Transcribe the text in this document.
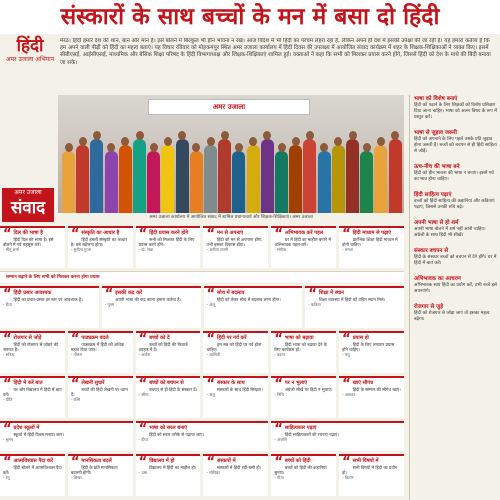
संस्कारों के साथ बच्चों के मन में बसा दो हिंदी
हिंदी
अमर उजाला अभियान
मेरठ। हिंदी हमारे देश की शान, बान और मान है। इसे बोलने में बिल्कुल भी हीन भावना न रखें। आज विदेश में भी हिंदी का परचम लहरा रहा है, लेकिन अपने ही देश में इसकी उपेक्षा की जा रही है। यह हमारा कर्तव्य है कि हम अपने वाली पीढ़ी को हिंदी का महत्व बताएं। यह विचार रविवार को मोहकमपुर स्थित अमर उजाला कार्यालय में हिंदी दिवस की उपलक्ष्य में आयोजित संवाद कार्यक्रम में शहर के शिक्षक-शिक्षिकाओं ने व्यक्त किए। इसमें सीबीएसई, आईसीएसई, माध्यमिक और बेसिक शिक्षा परिषद के हिंदी विभागाध्यक्ष और शिक्षक-शिक्षिकाएं शामिल हुई। वक्ताओं ने कहा कि सभी को मिलकर प्रयास करने होंगे, जिससे हिंदी को देश के माथे की बिंदी बनाया जा सके।
अमर उजाला
अमर उजाला कार्यालय में आयोजित संवाद में शामिल प्रधानाचार्य और शिक्षक-शिक्षिकाएं। अमर उजाला
अमर उजाला
संवाद
भाषा को विशेष बनाएं
हिंदी को पढ़ाने के लिए शिक्षकों को विशेष प्रशिक्षण दिया जाना चाहिए। भाषा को अलग विषय के रूप में प्रस्तुत करें।
भाषा से जुड़ाव जरूरी
हिंदी को अपनाने के लिए पहले उसके प्रति जुड़ाव होना जरूरी है। बच्चों को बचपन से ही हिंदी साहित्य से जोड़ें।
ऊंच-नीच की भाषा बने
हिंदी को हीन भावना की भाषा न बनाएं। इसमें गर्व का भाव होना चाहिए।
हिंदी साहित्य पढ़ाएं
बच्चों को हिंदी साहित्य की कहानियां और कविताएं पढ़ाएं, जिससे उनकी रुचि बढ़े।
अपनी भाषा से हो शर्म
अपनी भाषा बोलने में शर्म नहीं आनी चाहिए। अंग्रेजी के साथ हिंदी भी सीखें।
संस्कार बचपन से
हिंदी के संस्कार बच्चों को बचपन से देने होंगे। घर में हिंदी में बात करें।
अभिभावक का आचरण
अभिभावक स्वयं हिंदी का प्रयोग करें, तभी बच्चे इसे अपनाएंगे।
रोजगार से जुड़े
हिंदी को रोजगार से जोड़ा जाए तो इसका महत्व बढ़ेगा।
“ दिल की भाषा है
हिंदी दिल की भाषा है। इसे बोलने में गर्व महसूस करें।
- मीनू शर्मा
“ संस्कृति का आधार है
हिंदी हमारी संस्कृति का आधार है। इसे सहेजना होगा।
- सुनीता गुप्ता
“ हिंदी प्रयास करने होंगे
सभी को मिलकर हिंदी के लिए प्रयास करने होंगे।
- डॉ. रेखा
“ मन से अपनाएं
हिंदी को मन से अपनाना होगा, तभी इसका विकास होगा।
- अनीता त्यागी
“ अभिभावक करें पहल
घर में हिंदी का माहौल बनाने में अभिभावक पहल करें।
- संगीता
“ हिंदी माध्यम से पढ़ाएं
प्रारंभिक शिक्षा हिंदी माध्यम में होनी चाहिए।
- ममता
सम्मान बढ़ाने के लिए सभी को मिलकर करना होगा प्रयास
“ हिंदी प्रसार आवश्यक
हिंदी का प्रचार-प्रसार हर स्तर पर आवश्यक है।
- रीता
“ इसकी कद्र करें
अपनी भाषा की कद्र करना हमारा कर्तव्य है।
- पूनम
“ सोच में बदलाव
हिंदी को लेकर सोच में बदलाव लाना होगा।
- अंजू
“ शिक्षा में स्थान
शिक्षा व्यवस्था में हिंदी को उचित स्थान मिले।
- कविता
“ रोजगार से जोड़ें
हिंदी को रोजगार से जोड़ने की जरूरत है।
- सरिता
“ पाठ्यक्रम बदले
पाठ्यक्रम में हिंदी को अधिक महत्व दिया जाए।
- नीलम
“ बच्चों को दें
बच्चों को हिंदी की किताबें उपहार में दें।
- अर्चना
“ हिंदी पर गर्व करें
हम सब को हिंदी पर गर्व होना चाहिए।
- शालिनी
“ भाषा को बढ़ावा
हिंदी भाषा को बढ़ावा देने के लिए कार्यक्रम हों।
- वंदना
“ प्रयास हो
हिंदी के लिए लगातार प्रयास होने चाहिए।
- मधु
“ हिंदी में करें बात
घर और विद्यालय में हिंदी में बात करें।
- प्रीति
“ लेखनी सुधारें
बच्चों की हिंदी लेखनी पर ध्यान दें।
- रश्मि
“ बच्चों को बचपन से
बचपन से ही हिंदी के संस्कार दें।
- सीमा
“ संस्कार के साथ
संस्कारों के साथ हिंदी सिखाएं।
- ऋतु
“ पर न भुलाएं
अंग्रेजी सीखें पर हिंदी न भुलाएं।
- निधि
“ खाएं सौगंध
हिंदी के सम्मान की सौगंध खाएं।
- अलका
“ प्रदेश स्कूलों में
स्कूलों में हिंदी दिवस मनाया जाए।
- सुमन
“ भाषा को सरल बनाएं
हिंदी को सरल तरीके से पढ़ाया जाए।
- दीपा
“ साहित्यकार पढ़ाएं
हिंदी साहित्यकारों की रचनाएं पढ़ाएं।
- अंजलि
“ आत्मविश्वास पैदा करें
हिंदी बोलने में आत्मविश्वास पैदा करें।
- रेनू
“ मानसिकता बदलें
हिंदी के प्रति मानसिकता बदलनी होगी।
- शिखा
“ विद्यालय में हो
विद्यालय में हिंदी का माहौल हो।
- उषा
“ संस्कारों में
संस्कारों में हिंदी रची-बसी हो।
- मोनिका
“ बच्चों को हिंदी
बच्चों को हिंदी की कहानियां सुनाएं।
- गीता
“ सभी विषयों में
सभी विषयों में हिंदी का प्रयोग हो।
- किरण
